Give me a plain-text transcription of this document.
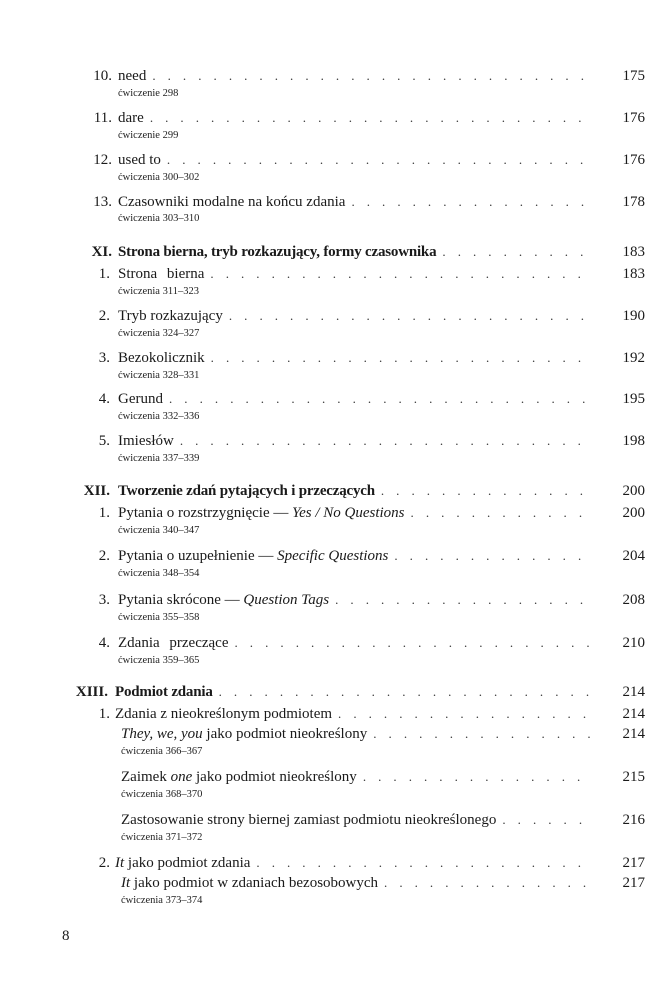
10. need . . .	175
ćwiczenie 298
11. dare . . .	176
ćwiczenie 299
12. used to . . .	176
ćwiczenia 300–302
13. Czasowniki modalne na końcu zdania . . .	178
ćwiczenia 303–310
XI. Strona bierna, tryb rozkazujący, formy czasownika . . .	183
1. Strona bierna . . .	183
ćwiczenia 311–323
2. Tryb rozkazujący . . .	190
ćwiczenia 324–327
3. Bezokolicznik . . .	192
ćwiczenia 328–331
4. Gerund . . .	195
ćwiczenia 332–336
5. Imiesłów . . .	198
ćwiczenia 337–339
XII. Tworzenie zdań pytających i przeczących . . .	200
1. Pytania o rozstrzygnięcie — Yes / No Questions . . .	200
ćwiczenia 340–347
2. Pytania o uzupełnienie — Specific Questions . . .	204
ćwiczenia 348–354
3. Pytania skrócone — Question Tags . . .	208
ćwiczenia 355–358
4. Zdania przeczące . . .	210
ćwiczenia 359–365
XIII. Podmiot zdania . . .	214
1. Zdania z nieokreślonym podmiotem . . .	214
They, we, you jako podmiot nieokreślony . . .	214
ćwiczenia 366–367
Zaimek one jako podmiot nieokreślony . . .	215
ćwiczenia 368–370
Zastosowanie strony biernej zamiast podmiotu nieokreślonego . . .	216
ćwiczenia 371–372
2. It jako podmiot zdania . . .	217
It jako podmiot w zdaniach bezosobowych . . .	217
ćwiczenia 373–374
8
